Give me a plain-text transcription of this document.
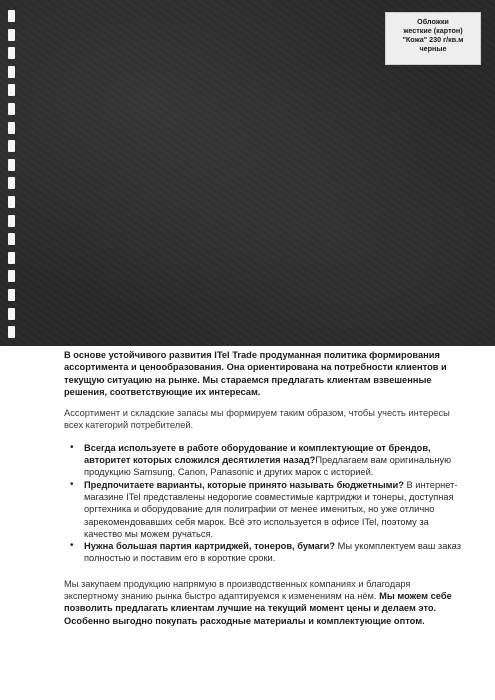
Обложки
жесткие (картон)
"Кожа" 230 г/кв.м
черные

В основе устойчивого развития ITel Trade продуманная политика формирования ассортимента и ценообразования. Она ориентирована на потребности клиентов и текущую ситуацию на рынке. Мы стараемся предлагать клиентам взвешенные решения, соответствующие их интересам.

Ассортимент и складские запасы мы формируем таким образом, чтобы учесть интересы всех категорий потребителей.

• Всегда используете в работе оборудование и комплектующие от брендов, авторитет которых сложился десятилетия назад?Предлагаем вам оригинальную продукцию Samsung, Canon, Panasonic и других марок с историей.
• Предпочитаете варианты, которые принято называть бюджетными? В интернет-магазине ITel представлены недорогие совместимые картриджи и тонеры, доступная оргтехника и оборудование для полиграфии от менее именитых, но уже отлично зарекомендовавших себя марок. Всё это используется в офисе ITel, поэтому за качество мы можем ручаться.
• Нужна большая партия картриджей, тонеров, бумаги? Мы укомплектуем ваш заказ полностью и поставим его в короткие сроки.

Мы закупаем продукцию напрямую в производственных компаниях и благодаря экспертному знанию рынка быстро адаптируемся к изменениям на нём. Мы можем себе позволить предлагать клиентам лучшие на текущий момент цены и делаем это. Особенно выгодно покупать расходные материалы и комплектующие оптом.
